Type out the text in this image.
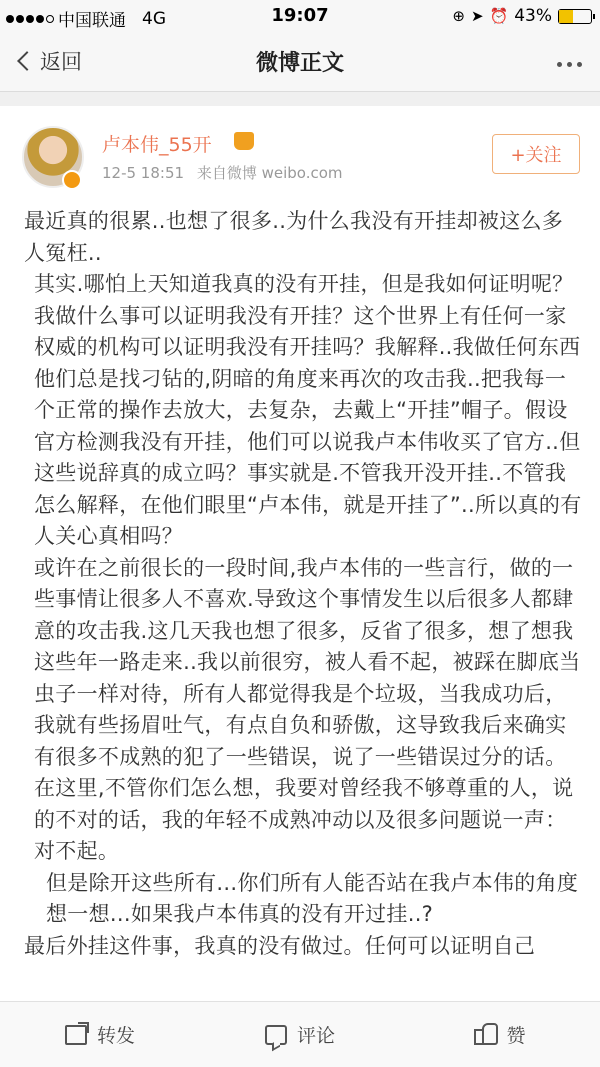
中国联通 4G	19:07	⊕ ➤ ⏰ 43%
返回	微博正文
卢本伟_55开
12-5 18:51 来自微博 weibo.com
+关注

最近真的很累..也想了很多..为什么我没有开挂却被这么多人冤枉..

其实.哪怕上天知道我真的没有开挂，但是我如何证明呢？我做什么事可以证明我没有开挂？这个世界上有任何一家权威的机构可以证明我没有开挂吗？我解释..我做任何东西他们总是找刁钻的,阴暗的角度来再次的攻击我..把我每一个正常的操作去放大，去复杂，去戴上“开挂”帽子。假设官方检测我没有开挂，他们可以说我卢本伟收买了官方..但这些说辞真的成立吗？事实就是.不管我开没开挂..不管我怎么解释，在他们眼里“卢本伟，就是开挂了”..所以真的有人关心真相吗？

或许在之前很长的一段时间,我卢本伟的一些言行，做的一些事情让很多人不喜欢.导致这个事情发生以后很多人都肆意的攻击我.这几天我也想了很多，反省了很多，想了想我这些年一路走来..我以前很穷，被人看不起，被踩在脚底当虫子一样对待，所有人都觉得我是个垃圾，当我成功后，我就有些扬眉吐气，有点自负和骄傲，这导致我后来确实有很多不成熟的犯了一些错误，说了一些错误过分的话。在这里,不管你们怎么想，我要对曾经我不够尊重的人，说的不对的话，我的年轻不成熟冲动以及很多问题说一声：对不起。

但是除开这些所有...你们所有人能否站在我卢本伟的角度想一想...如果我卢本伟真的没有开过挂..?

最后外挂这件事，我真的没有做过。任何可以证明自己

转发	评论	赞
